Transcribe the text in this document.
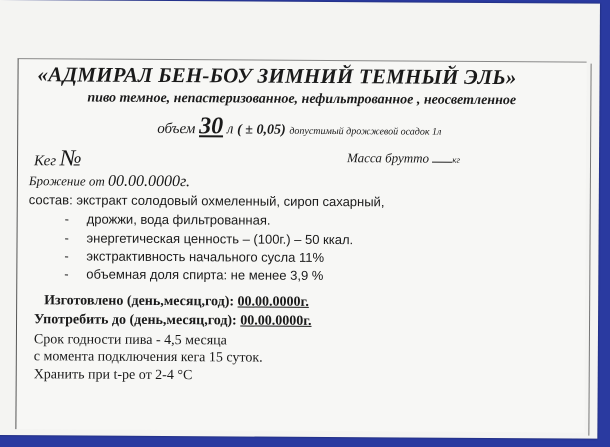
«АДМИРАЛ БЕН-БОУ ЗИМНИЙ ТЕМНЫЙ ЭЛЬ»
пиво темное, непастеризованное, нефильтрованное , неосветленное
объем 30 л ( ± 0,05) допустимый дрожжевой осадок 1л
Кег №	Масса брутто	кг
Брожение от 00.00.0000г.
состав: экстракт солодовый охмеленный, сироп сахарный,
- дрожжи, вода фильтрованная.
- энергетическая ценность – (100г.) – 50 ккал.
- экстрактивность начального сусла 11%
- объемная доля спирта: не менее 3,9 %
Изготовлено (день,месяц,год): 00.00.0000г.
Употребить до (день,месяц,год): 00.00.0000г.
Срок годности пива - 4,5 месяца
с момента подключения кега 15 суток.
Хранить при t-ре от 2-4 °С
